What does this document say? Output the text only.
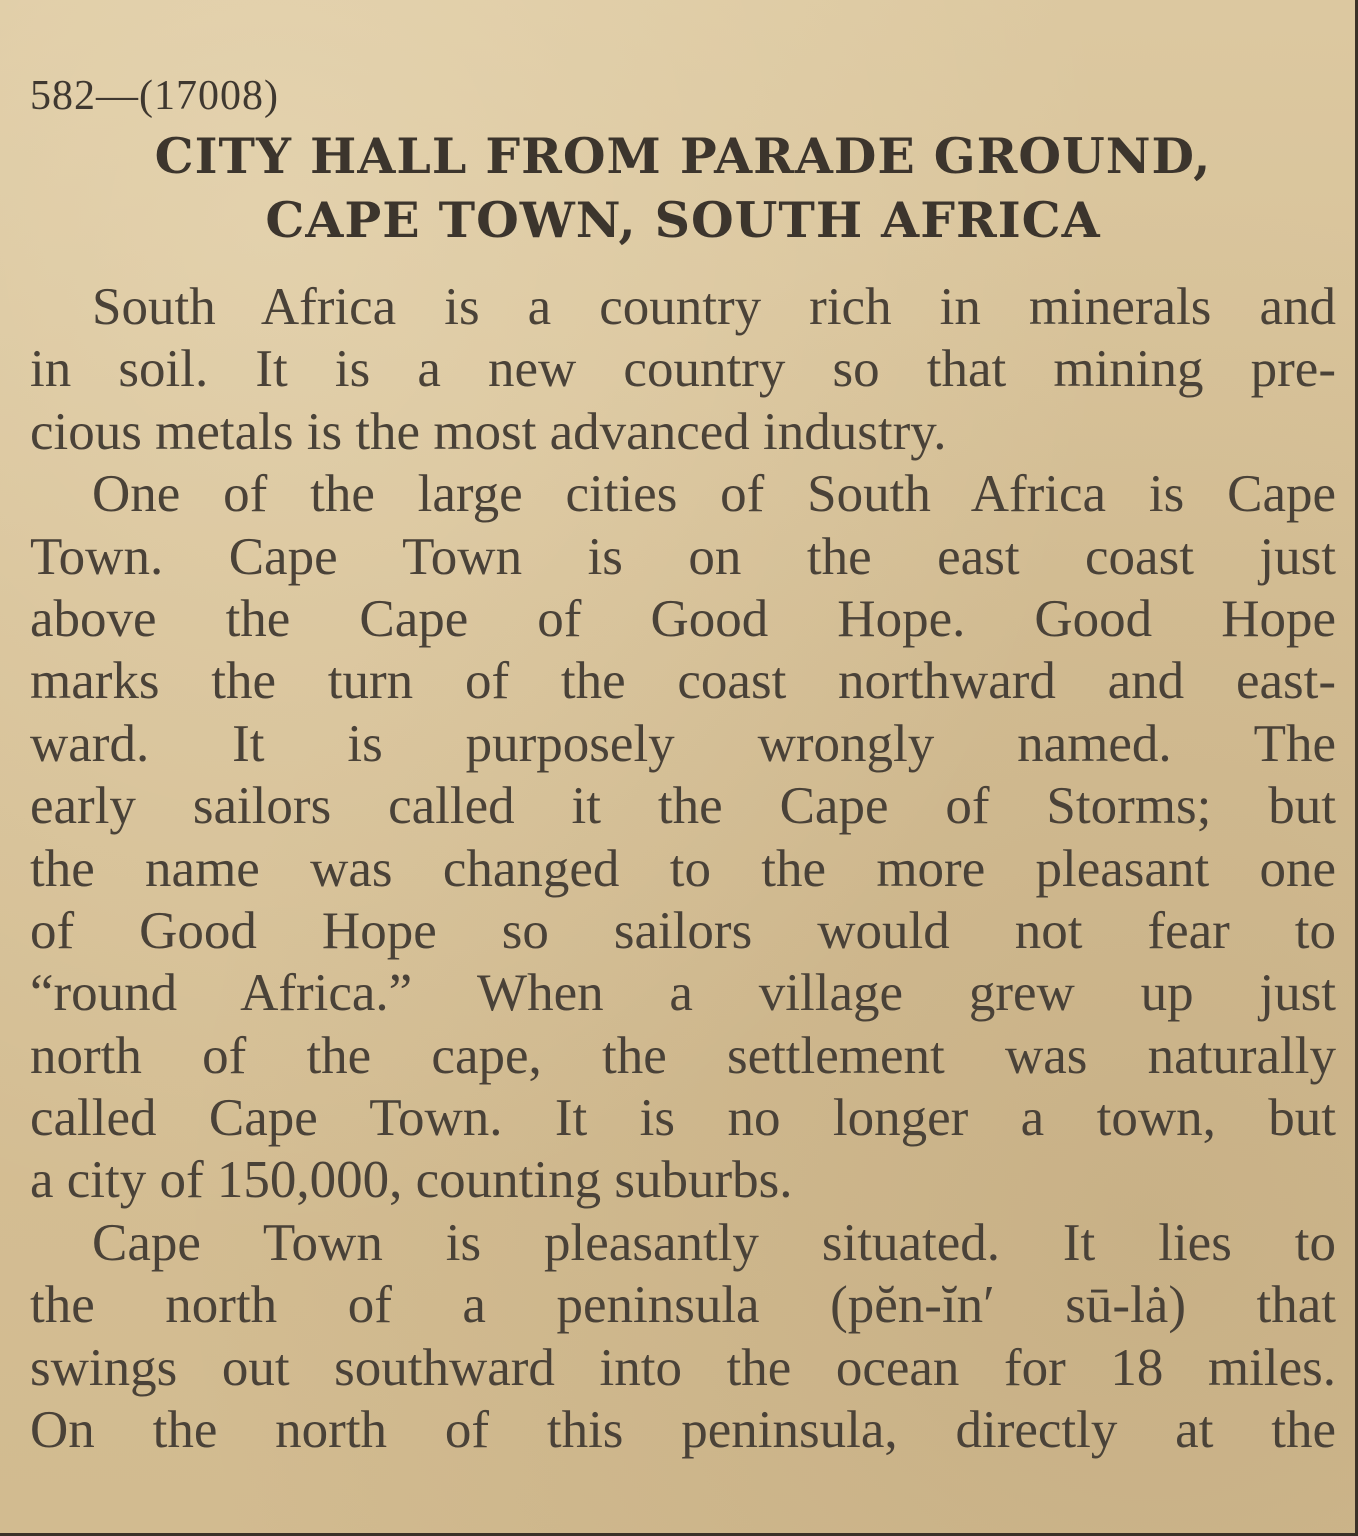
582—(17008)
CITY HALL FROM PARADE GROUND,
CAPE TOWN, SOUTH AFRICA
South Africa is a country rich in minerals and
in soil. It is a new country so that mining pre-
cious metals is the most advanced industry.
One of the large cities of South Africa is Cape
Town. Cape Town is on the east coast just
above the Cape of Good Hope. Good Hope
marks the turn of the coast northward and east-
ward. It is purposely wrongly named. The
early sailors called it the Cape of Storms; but
the name was changed to the more pleasant one
of Good Hope so sailors would not fear to
“round Africa.” When a village grew up just
north of the cape, the settlement was naturally
called Cape Town. It is no longer a town, but
a city of 150,000, counting suburbs.
Cape Town is pleasantly situated. It lies to
the north of a peninsula (pĕn-ĭn′ sū-lȧ) that
swings out southward into the ocean for 18 miles.
On the north of this peninsula, directly at the
